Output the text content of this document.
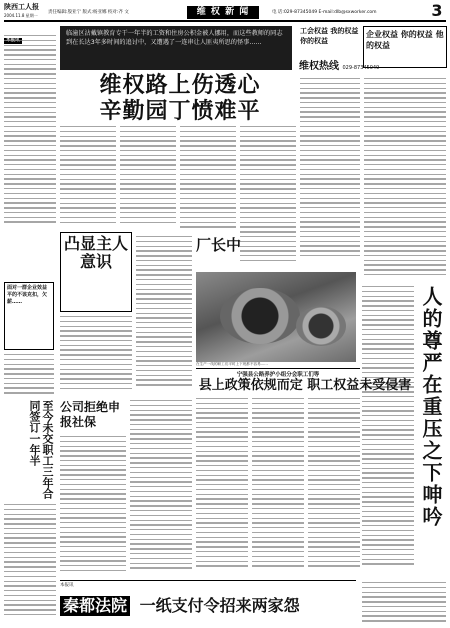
陕西工人报
2004.11.8 星期一
责任编辑:殷亚宁 版式:杨亚娜 校对:齐 文	维 权 新 闻	电 话:029-87345049 E-mail:dlb@sxworker.com	3
面对一群企业效益平的不该克扣，欠薪……
临潼区沾戴镇教育专干一年半的工资和住房公积金被人挪用，而这些教师的同志到在长达3年多时间的追讨中，又遭遇了一连串让人匪夷所思的怪事……
维权路上伤透心
辛勤园丁愤难平
企业权益 你的权益 他的权益
工会权益 我的权益 你的权益
维权热线 029-87345049
凸显主人意识
厂长中
在生产一线的职工们平时上下班都不容易……	人的尊严在重压之下呻吟
宁强县公路养护小组分会职工们等
县上政策依规而定 职工权益未受侵害
至今未交职工三年合同签订一年半	公司拒绝申报社保
本报讯
秦都法院 一纸支付令招来两家怨
